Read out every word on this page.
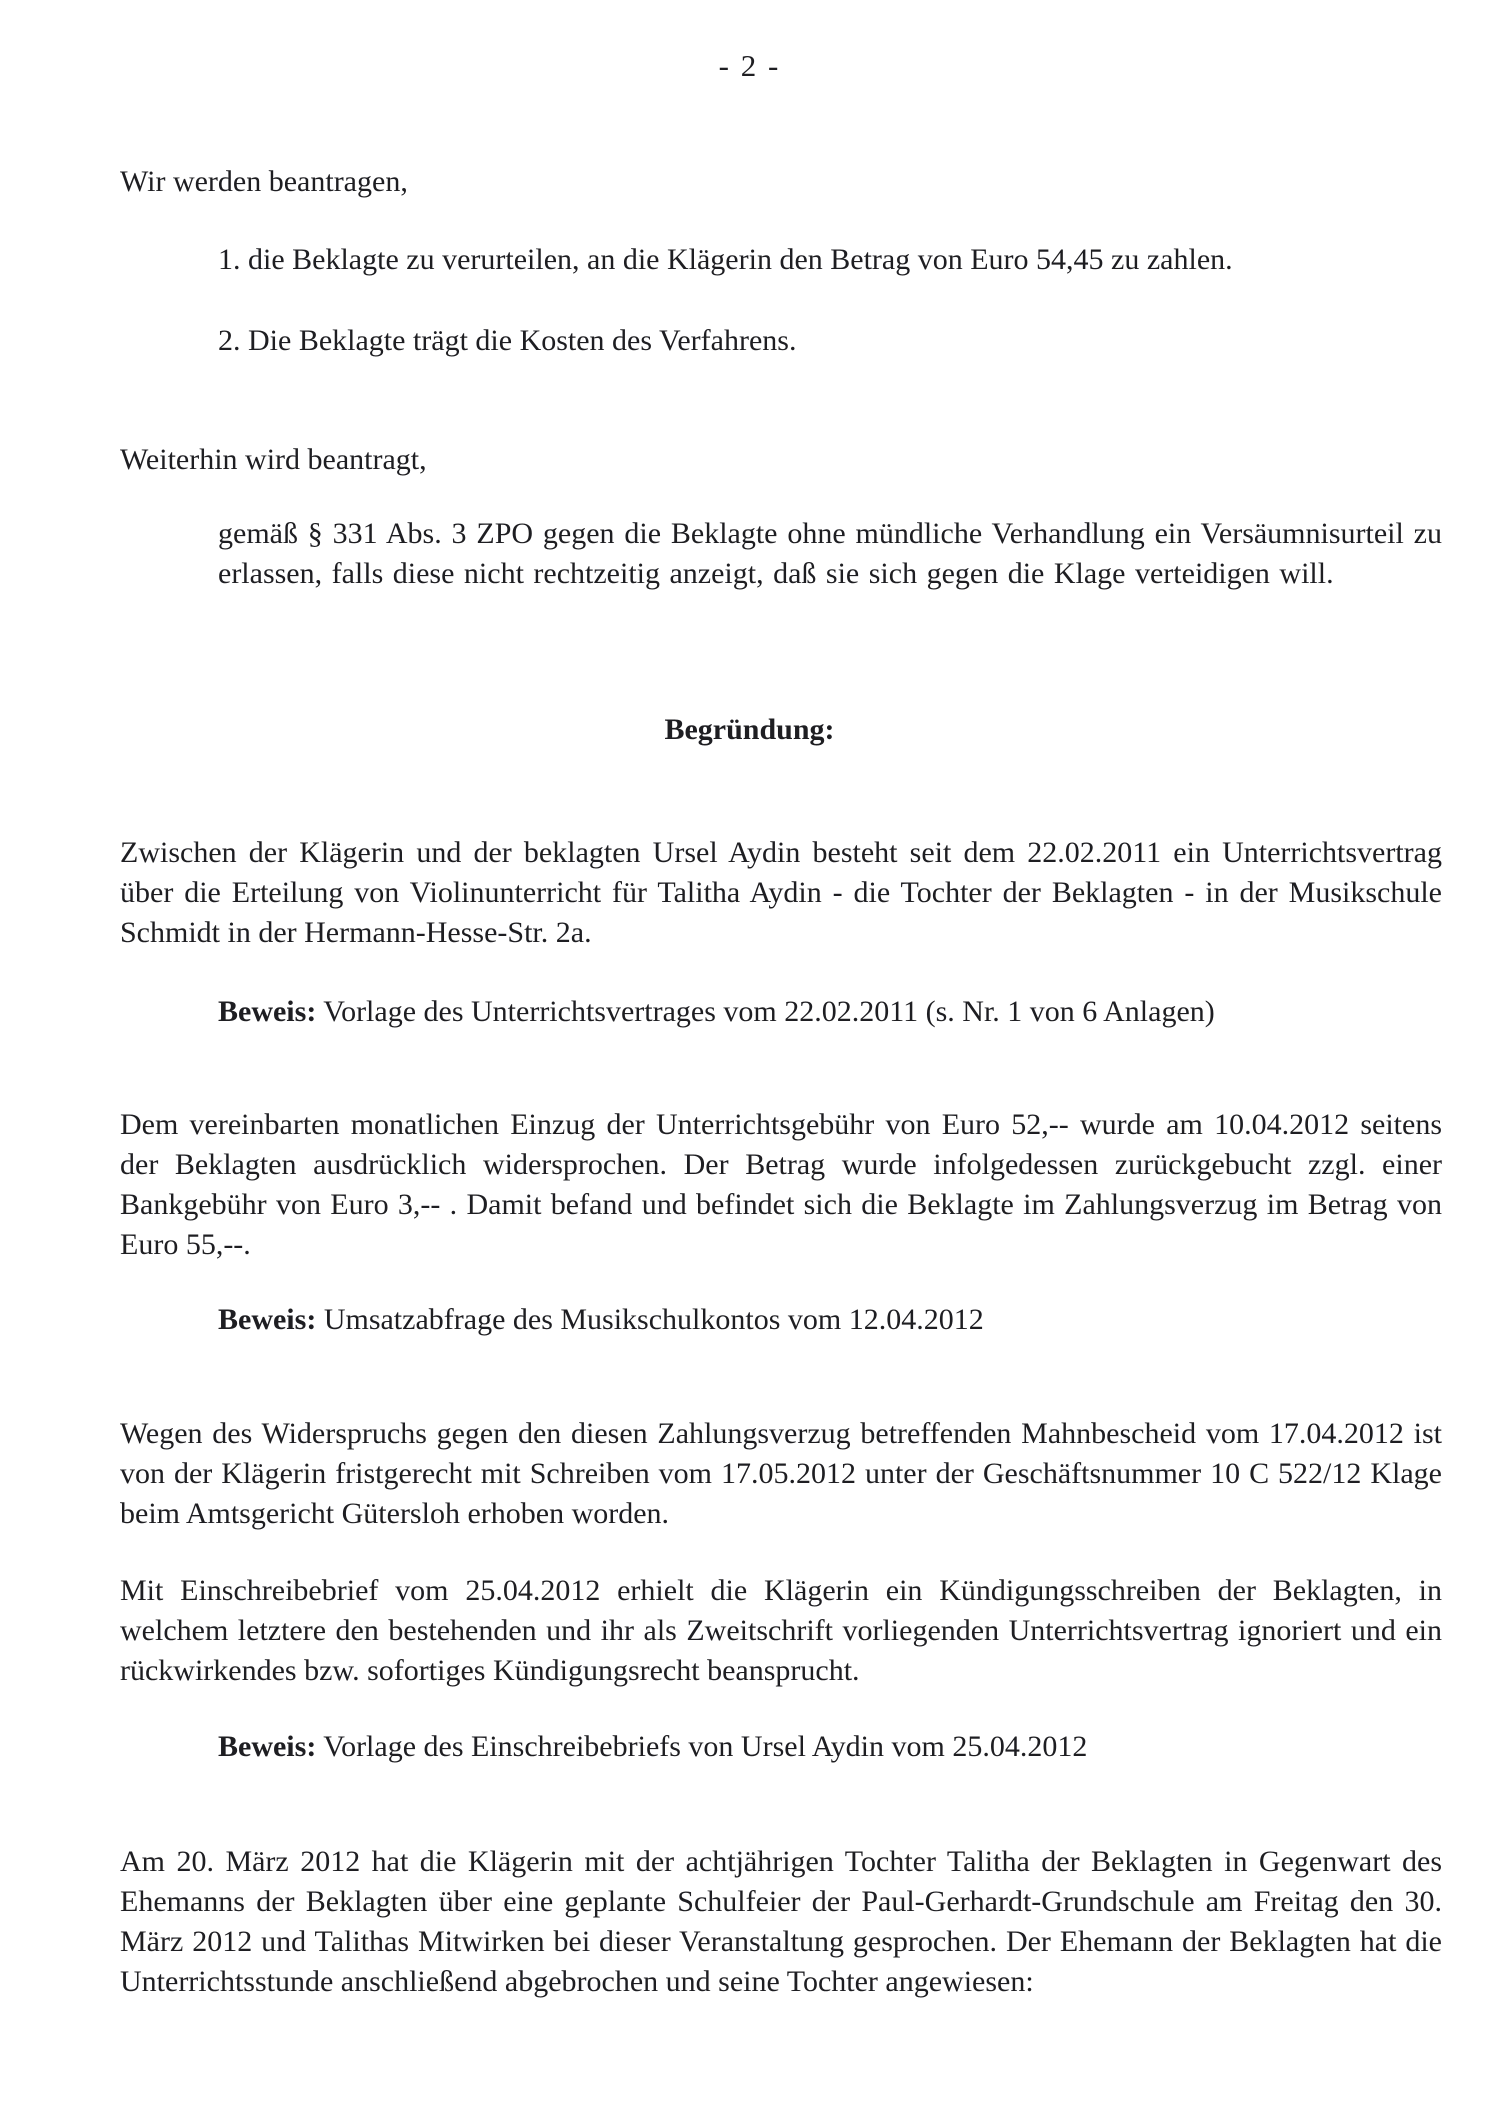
- 2 -

Wir werden beantragen,

1. die Beklagte zu verurteilen, an die Klägerin den Betrag von Euro 54,45 zu zahlen.

2. Die Beklagte trägt die Kosten des Verfahrens.

Weiterhin wird beantragt,

gemäß § 331 Abs. 3 ZPO gegen die Beklagte ohne mündliche Verhandlung ein Versäumnisurteil zu erlassen, falls diese nicht rechtzeitig anzeigt, daß sie sich gegen die Klage verteidigen will.

Begründung:

Zwischen der Klägerin und der beklagten Ursel Aydin besteht seit dem 22.02.2011 ein Unterrichtsvertrag über die Erteilung von Violinunterricht für Talitha Aydin - die Tochter der Beklagten - in der Musikschule Schmidt in der Hermann-Hesse-Str. 2a.

Beweis: Vorlage des Unterrichtsvertrages vom 22.02.2011 (s. Nr. 1 von 6 Anlagen)

Dem vereinbarten monatlichen Einzug der Unterrichtsgebühr von Euro 52,-- wurde am 10.04.2012 seitens der Beklagten ausdrücklich widersprochen. Der Betrag wurde infolgedessen zurückgebucht zzgl. einer Bankgebühr von Euro 3,-- . Damit befand und befindet sich die Beklagte im Zahlungsverzug im Betrag von Euro 55,--.

Beweis: Umsatzabfrage des Musikschulkontos vom 12.04.2012

Wegen des Widerspruchs gegen den diesen Zahlungsverzug betreffenden Mahnbescheid vom 17.04.2012 ist von der Klägerin fristgerecht mit Schreiben vom 17.05.2012 unter der Geschäftsnummer 10 C 522/12 Klage beim Amtsgericht Gütersloh erhoben worden.

Mit Einschreibebrief vom 25.04.2012 erhielt die Klägerin ein Kündigungsschreiben der Beklagten, in welchem letztere den bestehenden und ihr als Zweitschrift vorliegenden Unterrichtsvertrag ignoriert und ein rückwirkendes bzw. sofortiges Kündigungsrecht beansprucht.

Beweis: Vorlage des Einschreibebriefs von Ursel Aydin vom 25.04.2012

Am 20. März 2012 hat die Klägerin mit der achtjährigen Tochter Talitha der Beklagten in Gegenwart des Ehemanns der Beklagten über eine geplante Schulfeier der Paul-Gerhardt-Grundschule am Freitag den 30. März 2012 und Talithas Mitwirken bei dieser Veranstaltung gesprochen. Der Ehemann der Beklagten hat die Unterrichtsstunde anschließend abgebrochen und seine Tochter angewiesen:
